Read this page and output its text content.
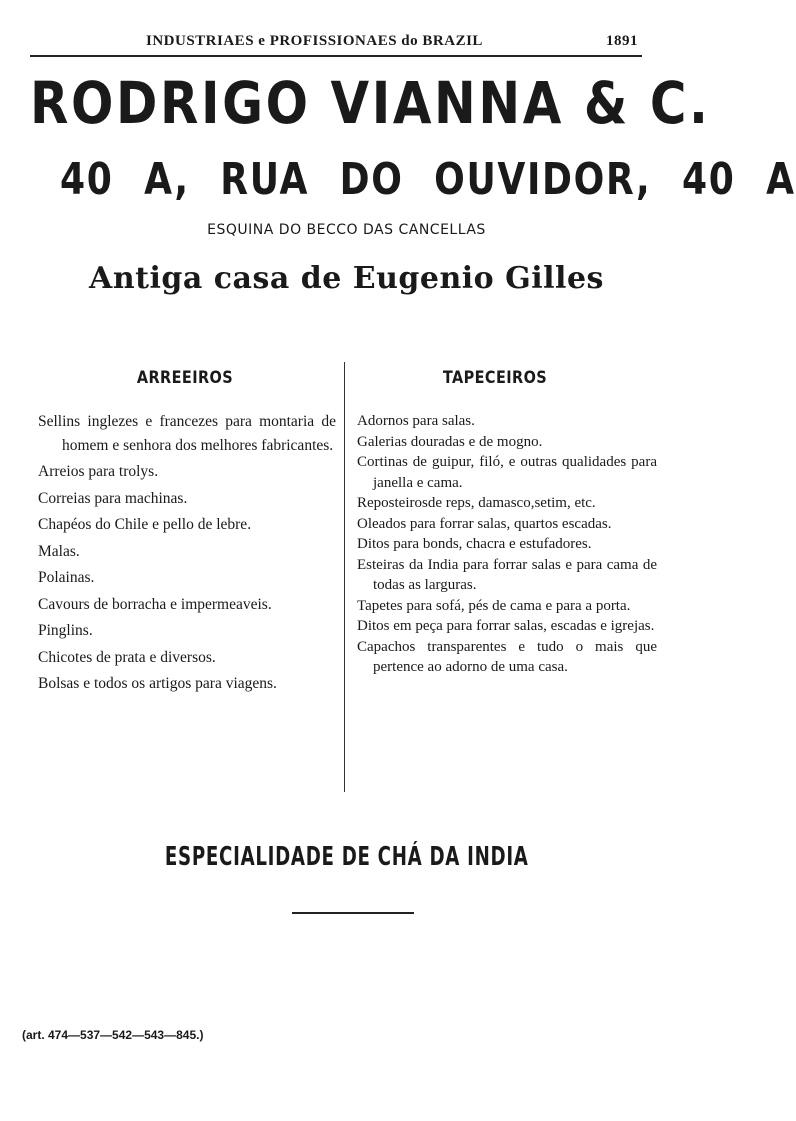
INDUSTRIAES e PROFISSIONAES do BRAZIL	1891
RODRIGO VIANNA & C.
40 A, RUA DO OUVIDOR, 40 A
ESQUINA DO BECCO DAS CANCELLAS
Antiga casa de Eugenio Gilles
ARREEIROS	TAPECEIROS
Sellins inglezes e francezes para montaria de homem e senhora dos melhores fabricantes.
Arreios para trolys.
Correias para machinas.
Chapéos do Chile e pello de lebre.
Malas.
Polainas.
Cavours de borracha e impermeaveis.
Pinglins.
Chicotes de prata e diversos.
Bolsas e todos os artigos para viagens.
Adornos para salas.
Galerias douradas e de mogno.
Cortinas de guipur, filó, e outras qualidades para janella e cama.
Reposteirosde reps, damasco,setim, etc.
Oleados para forrar salas, quartos escadas.
Ditos para bonds, chacra e estufadores.
Esteiras da India para forrar salas e para cama de todas as larguras.
Tapetes para sofá, pés de cama e para a porta.
Ditos em peça para forrar salas, escadas e igrejas.
Capachos transparentes e tudo o mais que pertence ao adorno de uma casa.
ESPECIALIDADE DE CHÁ DA INDIA
(art. 474—537—542—543—845.)
